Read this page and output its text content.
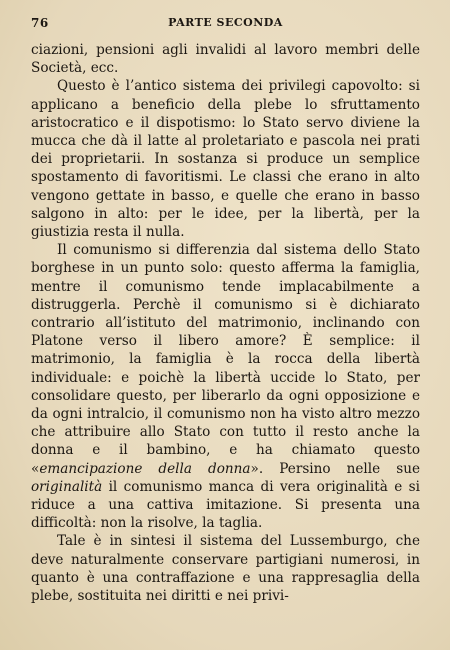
76	PARTE SECONDA

ciazioni, pensioni agli invalidi al lavoro membri delle Società, ecc.

Questo è l’antico sistema dei privilegi capovolto: si applicano a beneficio della plebe lo sfruttamento aristocratico e il dispotismo: lo Stato servo diviene la mucca che dà il latte al proletariato e pascola nei prati dei proprietarii. In sostanza si produce un semplice spostamento di favoritismi. Le classi che erano in alto vengono gettate in basso, e quelle che erano in basso salgono in alto: per le idee, per la libertà, per la giustizia resta il nulla.

Il comunismo si differenzia dal sistema dello Stato borghese in un punto solo: questo afferma la famiglia, mentre il comunismo tende implacabilmente a distruggerla. Perchè il comunismo si è dichiarato contrario all’istituto del matrimonio, inclinando con Platone verso il libero amore? È semplice: il matrimonio, la famiglia è la rocca della libertà individuale: e poichè la libertà uccide lo Stato, per consolidare questo, per liberarlo da ogni opposizione e da ogni intralcio, il comunismo non ha visto altro mezzo che attribuire allo Stato con tutto il resto anche la donna e il bambino, e ha chiamato questo «emancipazione della donna». Persino nelle sue originalità il comunismo manca di vera originalità e si riduce a una cattiva imitazione. Si presenta una difficoltà: non la risolve, la taglia.

Tale è in sintesi il sistema del Lussemburgo, che deve naturalmente conservare partigiani numerosi, in quanto è una contraffazione e una rappresaglia della plebe, sostituita nei diritti e nei privi-
